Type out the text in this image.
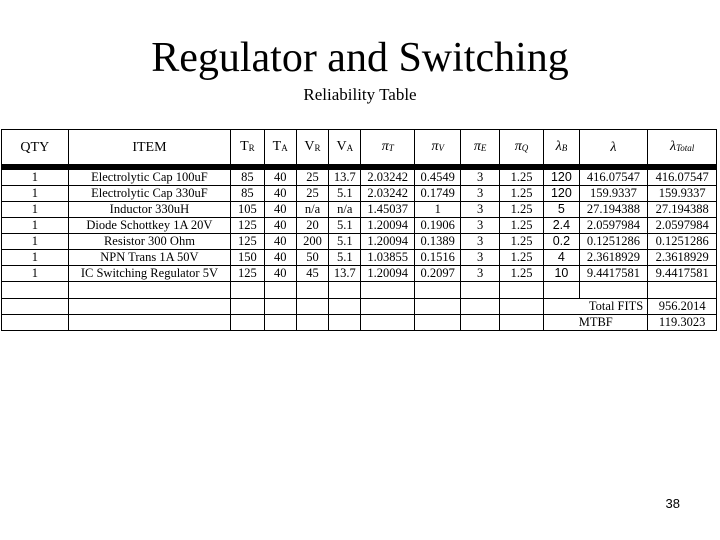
Regulator and Switching
Reliability Table
QTY	ITEM	TR	TA	VR	VA	πT	πV	πE	πQ	λB	λ	λTotal
1	Electrolytic Cap 100uF	85	40	25	13.7	2.03242	0.4549	3	1.25	120	416.07547	416.07547
1	Electrolytic Cap 330uF	85	40	25	5.1	2.03242	0.1749	3	1.25	120	159.9337	159.9337
1	Inductor 330uH	105	40	n/a	n/a	1.45037	1	3	1.25	5	27.194388	27.194388
1	Diode Schottkey 1A 20V	125	40	20	5.1	1.20094	0.1906	3	1.25	2.4	2.0597984	2.0597984
1	Resistor 300 Ohm	125	40	200	5.1	1.20094	0.1389	3	1.25	0.2	0.1251286	0.1251286
1	NPN Trans 1A 50V	150	40	50	5.1	1.03855	0.1516	3	1.25	4	2.3618929	2.3618929
1	IC Switching Regulator 5V	125	40	45	13.7	1.20094	0.2097	3	1.25	10	9.4417581	9.4417581

										Total FITS		956.2014
										MTBF		119.3023
38
